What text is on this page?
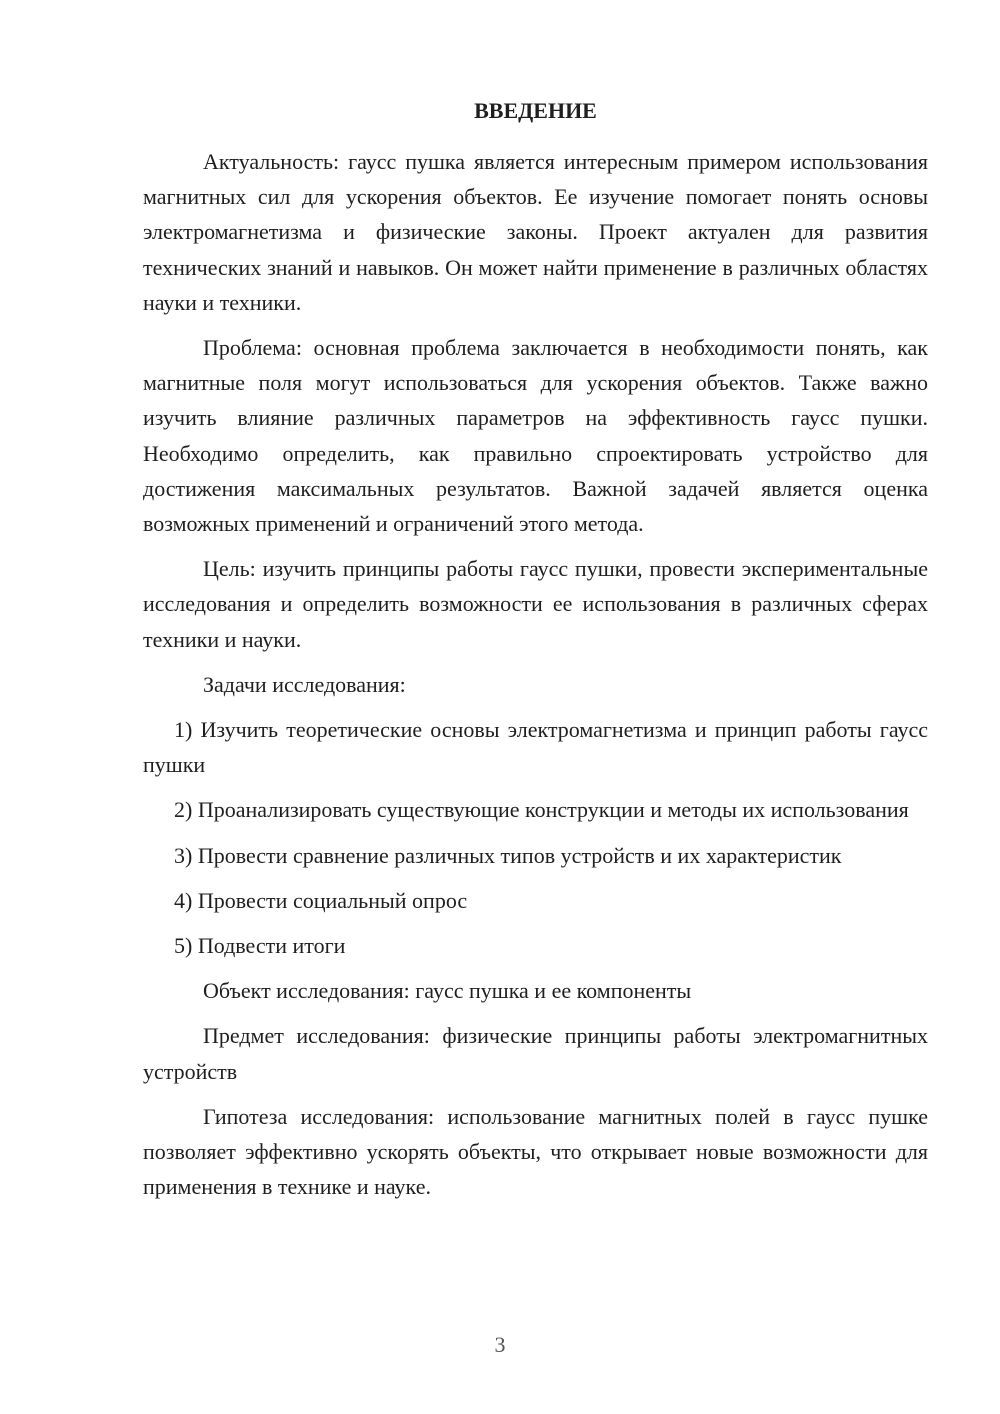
ВВЕДЕНИЕ

Актуальность: гаусс пушка является интересным примером использования магнитных сил для ускорения объектов. Ее изучение помогает понять основы электромагнетизма и физические законы. Проект актуален для развития технических знаний и навыков. Он может найти применение в различных областях науки и техники.

Проблема: основная проблема заключается в необходимости понять, как магнитные поля могут использоваться для ускорения объектов. Также важно изучить влияние различных параметров на эффективность гаусс пушки. Необходимо определить, как правильно спроектировать устройство для достижения максимальных результатов. Важной задачей является оценка возможных применений и ограничений этого метода.

Цель: изучить принципы работы гаусс пушки, провести экспериментальные исследования и определить возможности ее использования в различных сферах техники и науки.

Задачи исследования:

1) Изучить теоретические основы электромагнетизма и принцип работы гаусс пушки

2) Проанализировать существующие конструкции и методы их использования

3) Провести сравнение различных типов устройств и их характеристик

4) Провести социальный опрос

5) Подвести итоги

Объект исследования: гаусс пушка и ее компоненты

Предмет исследования: физические принципы работы электромагнитных устройств

Гипотеза исследования: использование магнитных полей в гаусс пушке позволяет эффективно ускорять объекты, что открывает новые возможности для применения в технике и науке.

3
